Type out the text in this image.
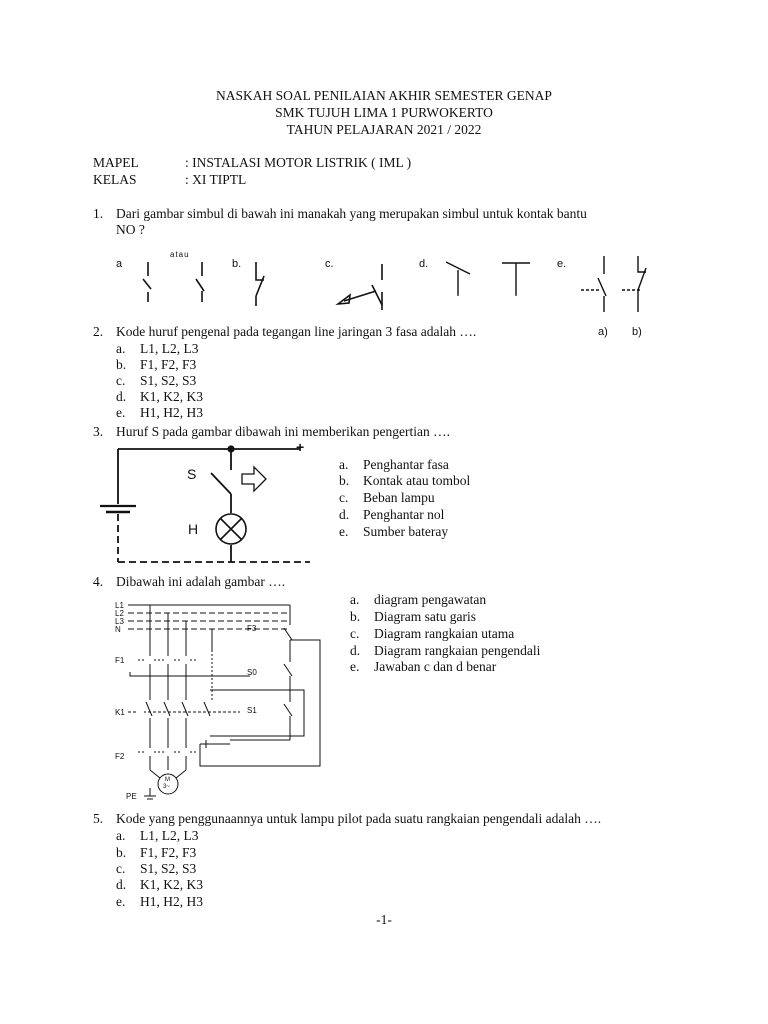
NASKAH SOAL PENILAIAN AKHIR SEMESTER GENAP
SMK TUJUH LIMA 1 PURWOKERTO
TAHUN PELAJARAN 2021 / 2022
MAPEL	: INSTALASI MOTOR LISTRIK ( IML )
KELAS	: XI TIPTL
1. Dari gambar simbul di bawah ini manakah yang merupakan simbul untuk kontak bantu
NO ?
a
atau
b.	c.	d.	e.
a) b)
2. Kode huruf pengenal pada tegangan line jaringan 3 fasa adalah ….
a. L1, L2, L3
b. F1, F2, F3
c. S1, S2, S3
d. K1, K2, K3
e. H1, H2, H3
3. Huruf S pada gambar dibawah ini memberikan pengertian ….
+
S
H
a. Penghantar fasa
b. Kontak atau tombol
c. Beban lampu
d. Penghantar nol
e. Sumber bateray
4. Dibawah ini adalah gambar ….
L1
L2
L3
N
F1
K1
F2
F3
S0
S1
PE
M
3~
a. diagram pengawatan
b. Diagram satu garis
c. Diagram rangkaian utama
d. Diagram rangkaian pengendali
e. Jawaban c dan d benar
5. Kode yang penggunaannya untuk lampu pilot pada suatu rangkaian pengendali adalah ….
a. L1, L2, L3
b. F1, F2, F3
c. S1, S2, S3
d. K1, K2, K3
e. H1, H2, H3
-1-
